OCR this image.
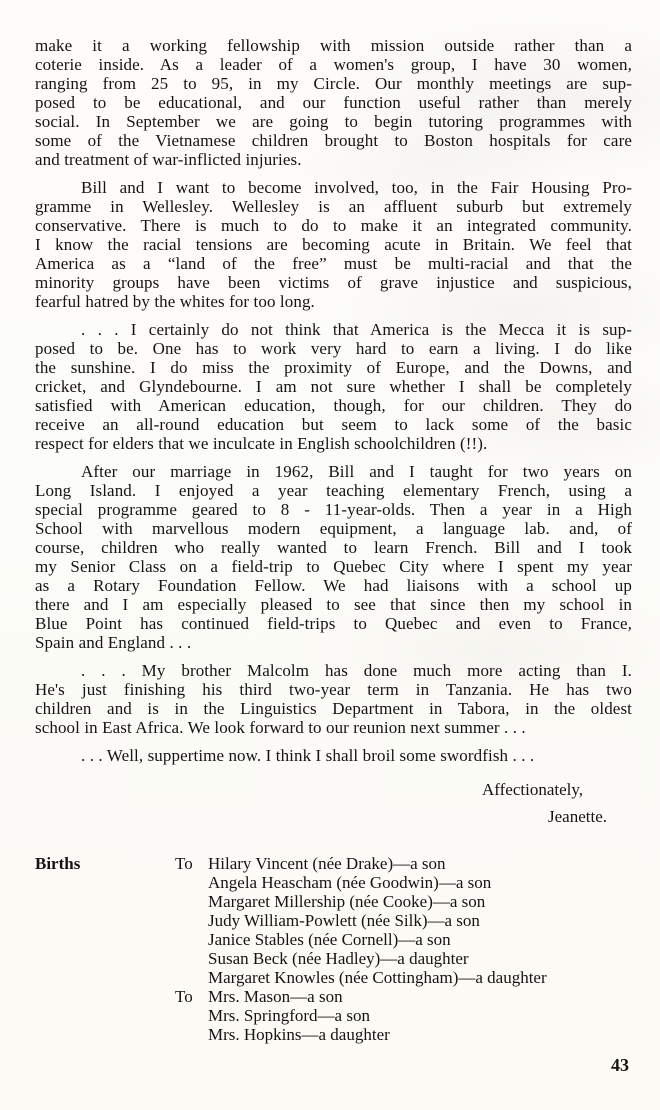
make it a working fellowship with mission outside rather than a
coterie inside. As a leader of a women's group, I have 30 women,
ranging from 25 to 95, in my Circle. Our monthly meetings are sup-
posed to be educational, and our function useful rather than merely
social. In September we are going to begin tutoring programmes with
some of the Vietnamese children brought to Boston hospitals for care
and treatment of war-inflicted injuries.
Bill and I want to become involved, too, in the Fair Housing Pro-
gramme in Wellesley. Wellesley is an affluent suburb but extremely
conservative. There is much to do to make it an integrated community.
I know the racial tensions are becoming acute in Britain. We feel that
America as a “land of the free” must be multi-racial and that the
minority groups have been victims of grave injustice and suspicious,
fearful hatred by the whites for too long.
. . . I certainly do not think that America is the Mecca it is sup-
posed to be. One has to work very hard to earn a living. I do like
the sunshine. I do miss the proximity of Europe, and the Downs, and
cricket, and Glyndebourne. I am not sure whether I shall be completely
satisfied with American education, though, for our children. They do
receive an all-round education but seem to lack some of the basic
respect for elders that we inculcate in English schoolchildren (!!).
After our marriage in 1962, Bill and I taught for two years on
Long Island. I enjoyed a year teaching elementary French, using a
special programme geared to 8 - 11-year-olds. Then a year in a High
School with marvellous modern equipment, a language lab. and, of
course, children who really wanted to learn French. Bill and I took
my Senior Class on a field-trip to Quebec City where I spent my year
as a Rotary Foundation Fellow. We had liaisons with a school up
there and I am especially pleased to see that since then my school in
Blue Point has continued field-trips to Quebec and even to France,
Spain and England . . .
. . . My brother Malcolm has done much more acting than I.
He's just finishing his third two-year term in Tanzania. He has two
children and is in the Linguistics Department in Tabora, in the oldest
school in East Africa. We look forward to our reunion next summer . . .
. . . Well, suppertime now. I think I shall broil some swordfish . . .
Affectionately,
Jeanette.
Births	To Hilary Vincent (née Drake)—a son
Angela Heascham (née Goodwin)—a son
Margaret Millership (née Cooke)—a son
Judy William-Powlett (née Silk)—a son
Janice Stables (née Cornell)—a son
Susan Beck (née Hadley)—a daughter
Margaret Knowles (née Cottingham)—a daughter
To Mrs. Mason—a son
Mrs. Springford—a son
Mrs. Hopkins—a daughter
43
